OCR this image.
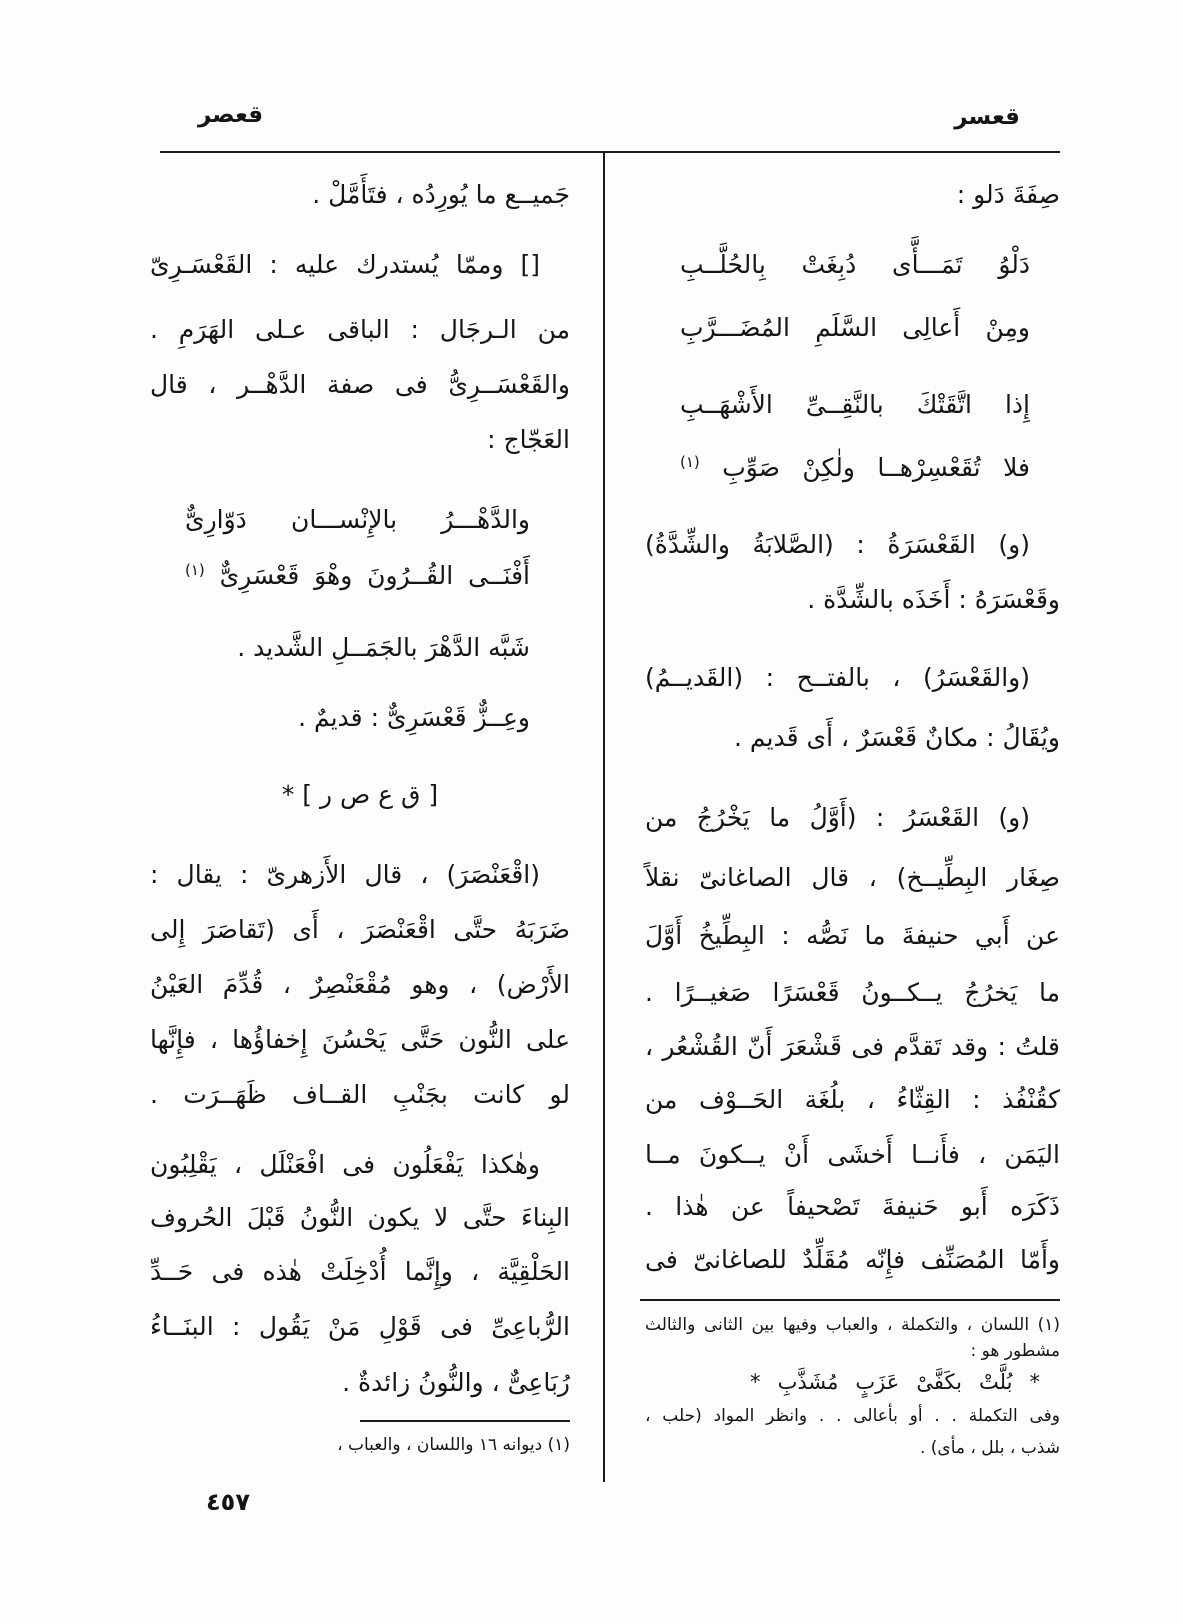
قعسر
قعصر
صِفَةَ دَلو :
دَلْوُ تَمَـــأَّى دُبِغَتْ بِالحُلَّــبِ
ومِنْ أَعالِى السَّلَمِ المُضَـــرَّبِ
إِذا اتَّقَتْكَ بالنَّقِــىِّ الأَشْهَــبِ
فلا تُقَعْسِرْهــا ولٰكِنْ صَوِّبِ $^{(١)}$
(و) القَعْسَرَةُ : (الصَّلابَةُ والشِّدَّةُ)
وقَعْسَرَهُ : أَخَذَه بالشِّدَّة .
(والقَعْسَرُ) ، بالفتــح : (القَديــمُ)
ويُقَالُ : مكانٌ قَعْسَرٌ ، أَى قَديم .
(و) القَعْسَرُ : (أَوَّلُ ما يَخْرُجُ من
صِغَار البِطِّيــخ) ، قال الصاغانىّ نقلاً
عن أَبي حنيفةَ ما نَصُّه : البِطِّيخُ أَوَّلَ
ما يَخرُجُ يــكــونُ قَعْسَرًا صَغيــرًا .
قلتُ : وقد تَقدَّم فى قَشْعَرَ أَنّ القُشْعُر ،
كقُنْفُذ : القِثّاءُ ، بلُغَة الحَــوْف من
اليَمَن ، فأَنــا أَخشَى أَنْ يــكونَ مــا
ذَكَرَه أَبو حَنيفةَ تَصْحيفاً عن هٰذا .
وأَمّا المُصَنِّف فإِنّه مُقَلِّدٌ للصاغانىّ فى
(١) اللسان ، والتكملة ، والعباب وفيها بين الثانى والثالث
مشطور هو :
* بُلَّتْ بكَفَّىْ عَزَبٍ مُشَذَّبِ *
وفى التكملة . . أو بأعالى . . وانظر المواد (حلب ،
شذب ، بلل ، مأى) .
جَميــع ما يُورِدُه ، فتَأَمَّلْ .
[] وممّا يُستدرك عليه : القَعْسَـرِىّ
من الـرجَال : الباقى عـلى الهَرَمِ .
والقَعْسَــرِىُّ فى صفة الدَّهْــر ، قال
العَجّاج :
والدَّهْـــرُ بالإِنْســـان دَوّارِىٌّ
أَفْنَــى القُــرُونَ وهْوَ قَعْسَرِىٌّ $^{(١)}$
شَبَّه الدَّهْرَ بالجَمَــلِ الشَّديد .
وعِــزٌّ قَعْسَرِىٌّ : قديمٌ .
[ ق ع ص ر ] *
(اقْعَنْصَرَ) ، قال الأَزهرىّ : يقال :
ضَرَبَهُ حتَّى اقْعَنْصَرَ ، أَى (تَقاصَرَ إِلى
الأَرْض) ، وهو مُقْعَنْصِرٌ ، قُدِّمَ العَيْنُ
على النُّون حَتَّى يَحْسُنَ إِخفاؤُها ، فإِنَّها
لو كانت بجَنْبِ القــاف ظَهَــرَت .
وهٰكذا يَفْعَلُون فى افْعَنْلَل ، يَقْلِبُون
البِناءَ حتَّى لا يكون النُّونُ قَبْلَ الحُروف
الحَلْقِيَّة ، وإِنَّما أُدْخِلَتْ هٰذه فى حَــدِّ
الرُّباعِىِّ فى قَوْلِ مَنْ يَقُول : البنَــاءُ
رُبَاعِىٌّ ، والنُّونُ زائدةٌ .
(١) ديوانه ١٦ واللسان ، والعباب ،
٤٥٧
